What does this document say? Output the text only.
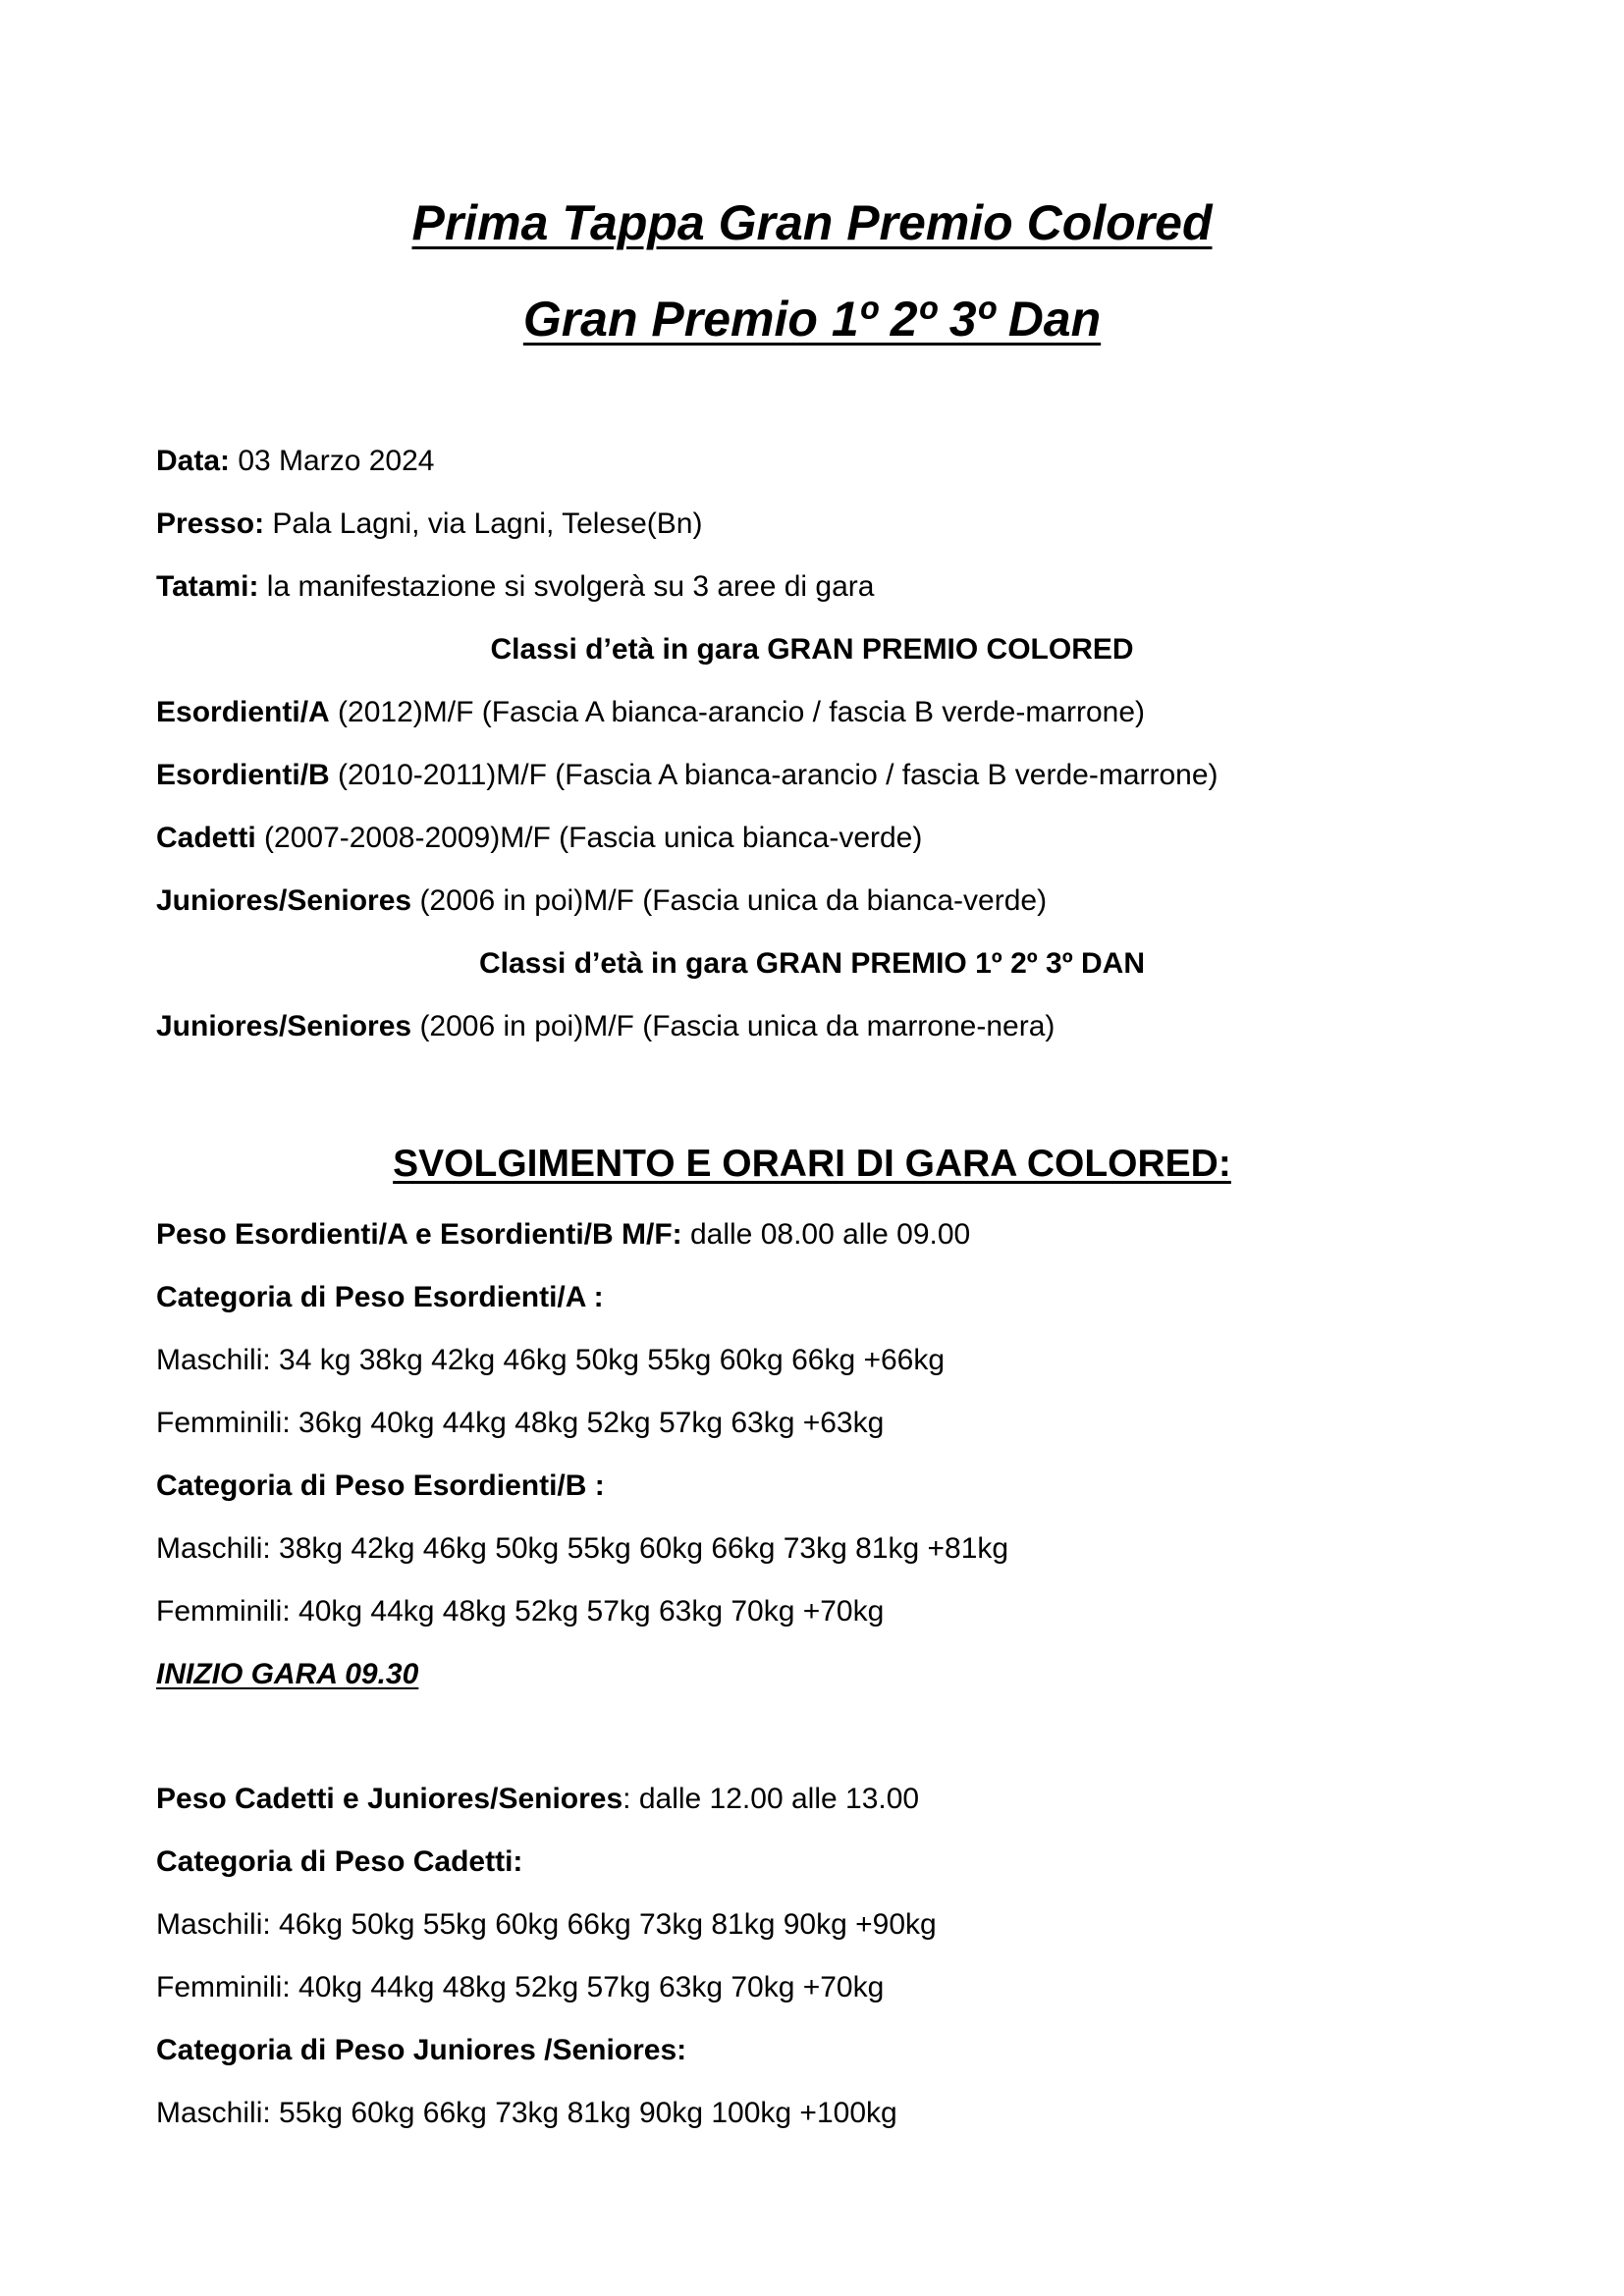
Prima Tappa Gran Premio Colored
Gran Premio 1º 2º 3º Dan
Data: 03 Marzo 2024
Presso: Pala Lagni, via Lagni, Telese(Bn)
Tatami: la manifestazione si svolgerà su 3 aree di gara
Classi d’età in gara GRAN PREMIO COLORED
Esordienti/A (2012)M/F (Fascia A bianca-arancio / fascia B verde-marrone)
Esordienti/B (2010-2011)M/F (Fascia A bianca-arancio / fascia B verde-marrone)
Cadetti (2007-2008-2009)M/F (Fascia unica bianca-verde)
Juniores/Seniores (2006 in poi)M/F (Fascia unica da bianca-verde)
Classi d’età in gara GRAN PREMIO 1º 2º 3º DAN
Juniores/Seniores (2006 in poi)M/F (Fascia unica da marrone-nera)
SVOLGIMENTO E ORARI DI GARA COLORED:
Peso Esordienti/A e Esordienti/B M/F: dalle 08.00 alle 09.00
Categoria di Peso Esordienti/A :
Maschili: 34 kg 38kg 42kg 46kg 50kg 55kg 60kg 66kg +66kg
Femminili: 36kg 40kg 44kg 48kg 52kg 57kg 63kg +63kg
Categoria di Peso Esordienti/B :
Maschili: 38kg 42kg 46kg 50kg 55kg 60kg 66kg 73kg 81kg +81kg
Femminili: 40kg 44kg 48kg 52kg 57kg 63kg 70kg +70kg
INIZIO GARA 09.30
Peso Cadetti e Juniores/Seniores: dalle 12.00 alle 13.00
Categoria di Peso Cadetti:
Maschili: 46kg 50kg 55kg 60kg 66kg 73kg 81kg 90kg +90kg
Femminili: 40kg 44kg 48kg 52kg 57kg 63kg 70kg +70kg
Categoria di Peso Juniores /Seniores:
Maschili: 55kg 60kg 66kg 73kg 81kg 90kg 100kg +100kg
